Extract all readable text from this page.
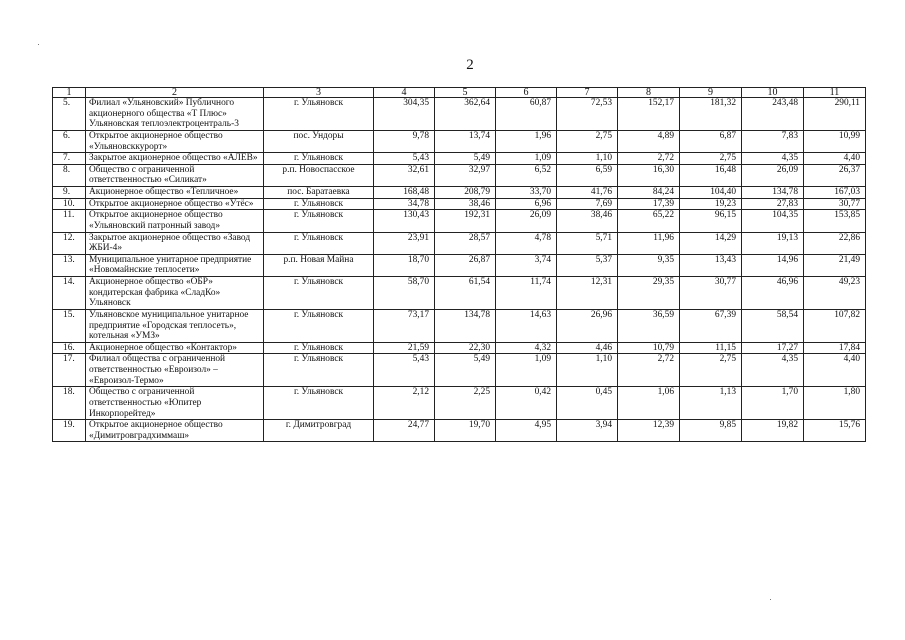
2
1	2	3	4	5	6	7	8	9	10	11
5.	Филиал «Ульяновский» Публичного акционерного общества «Т Плюс» Ульяновская теплоэлектроцентраль-3	г. Ульяновск	304,35	362,64	60,87	72,53	152,17	181,32	243,48	290,11
6.	Открытое акционерное общество «Ульяновсккурорт»	пос. Ундоры	9,78	13,74	1,96	2,75	4,89	6,87	7,83	10,99
7.	Закрытое акционерное общество «АЛЕВ»	г. Ульяновск	5,43	5,49	1,09	1,10	2,72	2,75	4,35	4,40
8.	Общество с ограниченной ответственностью «Силикат»	р.п. Новоспасское	32,61	32,97	6,52	6,59	16,30	16,48	26,09	26,37
9.	Акционерное общество «Тепличное»	пос. Баратаевка	168,48	208,79	33,70	41,76	84,24	104,40	134,78	167,03
10.	Открытое акционерное общество «Утёс»	г. Ульяновск	34,78	38,46	6,96	7,69	17,39	19,23	27,83	30,77
11.	Открытое акционерное общество «Ульяновский патронный завод»	г. Ульяновск	130,43	192,31	26,09	38,46	65,22	96,15	104,35	153,85
12.	Закрытое акционерное общество «Завод ЖБИ-4»	г. Ульяновск	23,91	28,57	4,78	5,71	11,96	14,29	19,13	22,86
13.	Муниципальное унитарное предприятие «Новомайнские теплосети»	р.п. Новая Майна	18,70	26,87	3,74	5,37	9,35	13,43	14,96	21,49
14.	Акционерное общество «ОБР» кондитерская фабрика «СладКо» Ульяновск	г. Ульяновск	58,70	61,54	11,74	12,31	29,35	30,77	46,96	49,23
15.	Ульяновское муниципальное унитарное предприятие «Городская теплосеть», котельная «УМЗ»	г. Ульяновск	73,17	134,78	14,63	26,96	36,59	67,39	58,54	107,82
16.	Акционерное общество «Контактор»	г. Ульяновск	21,59	22,30	4,32	4,46	10,79	11,15	17,27	17,84
17.	Филиал общества с ограниченной ответственностью «Евроизол» – «Евроизол-Термо»	г. Ульяновск	5,43	5,49	1,09	1,10	2,72	2,75	4,35	4,40
18.	Общество с ограниченной ответственностью «Юпитер Инкорпорейтед»	г. Ульяновск	2,12	2,25	0,42	0,45	1,06	1,13	1,70	1,80
19.	Открытое акционерное общество «Димитровградхиммаш»	г. Димитровград	24,77	19,70	4,95	3,94	12,39	9,85	19,82	15,76
